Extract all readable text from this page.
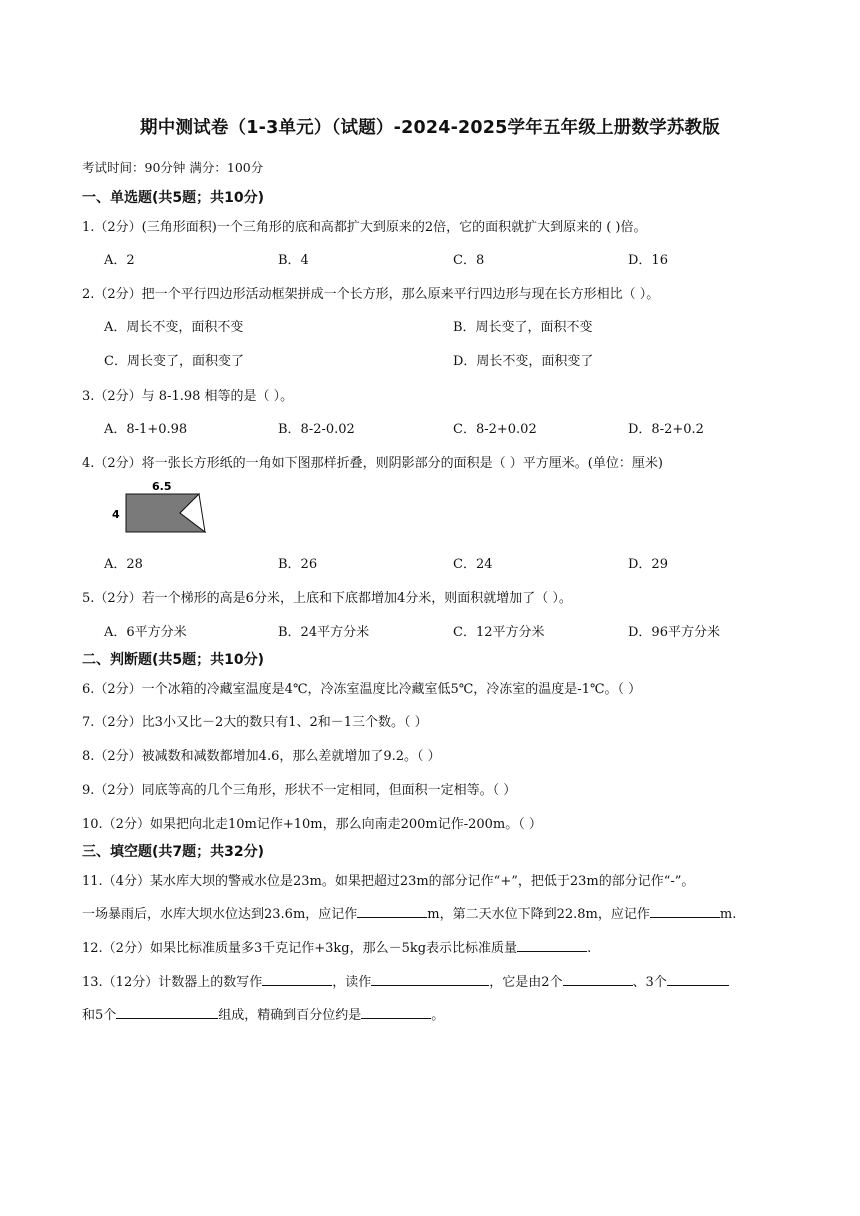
期中测试卷（1-3单元）（试题）-2024-2025学年五年级上册数学苏教版
考试时间：90分钟 满分：100分
一、单选题(共5题；共10分)
1.（2分）(三角形面积)一个三角形的底和高都扩大到原来的2倍，它的面积就扩大到原来的 ( )倍。
A．2	B．4	C．8	D．16
2.（2分）把一个平行四边形活动框架拼成一个长方形，那么原来平行四边形与现在长方形相比（ ）。
A．周长不变，面积不变	B．周长变了，面积不变
C．周长变了，面积变了	D．周长不变，面积变了
3.（2分）与 8-1.98 相等的是（ ）。
A．8-1+0.98	B．8-2-0.02	C．8-2+0.02	D．8-2+0.2
4.（2分）将一张长方形纸的一角如下图那样折叠，则阴影部分的面积是（ ）平方厘米。(单位：厘米)
6.5
4
A．28	B．26	C．24	D．29
5.（2分）若一个梯形的高是6分米，上底和下底都增加4分米，则面积就增加了（ ）。
A．6平方分米	B．24平方分米	C．12平方分米	D．96平方分米
二、判断题(共5题；共10分)
6.（2分）一个冰箱的冷藏室温度是4℃，冷冻室温度比冷藏室低5℃，冷冻室的温度是-1℃。（ ）
7.（2分）比3小又比－2大的数只有1、2和－1三个数。（ ）
8.（2分）被减数和减数都增加4.6，那么差就增加了9.2。（ ）
9.（2分）同底等高的几个三角形，形状不一定相同，但面积一定相等。（ ）
10.（2分）如果把向北走10m记作+10m，那么向南走200m记作-200m。（ ）
三、填空题(共7题；共32分)
11.（4分）某水库大坝的警戒水位是23m。如果把超过23m的部分记作“+”，把低于23m的部分记作“-”。
一场暴雨后，水库大坝水位达到23.6m，应记作	m，第二天水位下降到22.8m，应记作	m.
12.（2分）如果比标准质量多3千克记作+3kg，那么－5kg表示比标准质量	.
13.（12分）计数器上的数写作	，读作	，它是由2个	、3个
和5个	组成，精确到百分位约是	。
